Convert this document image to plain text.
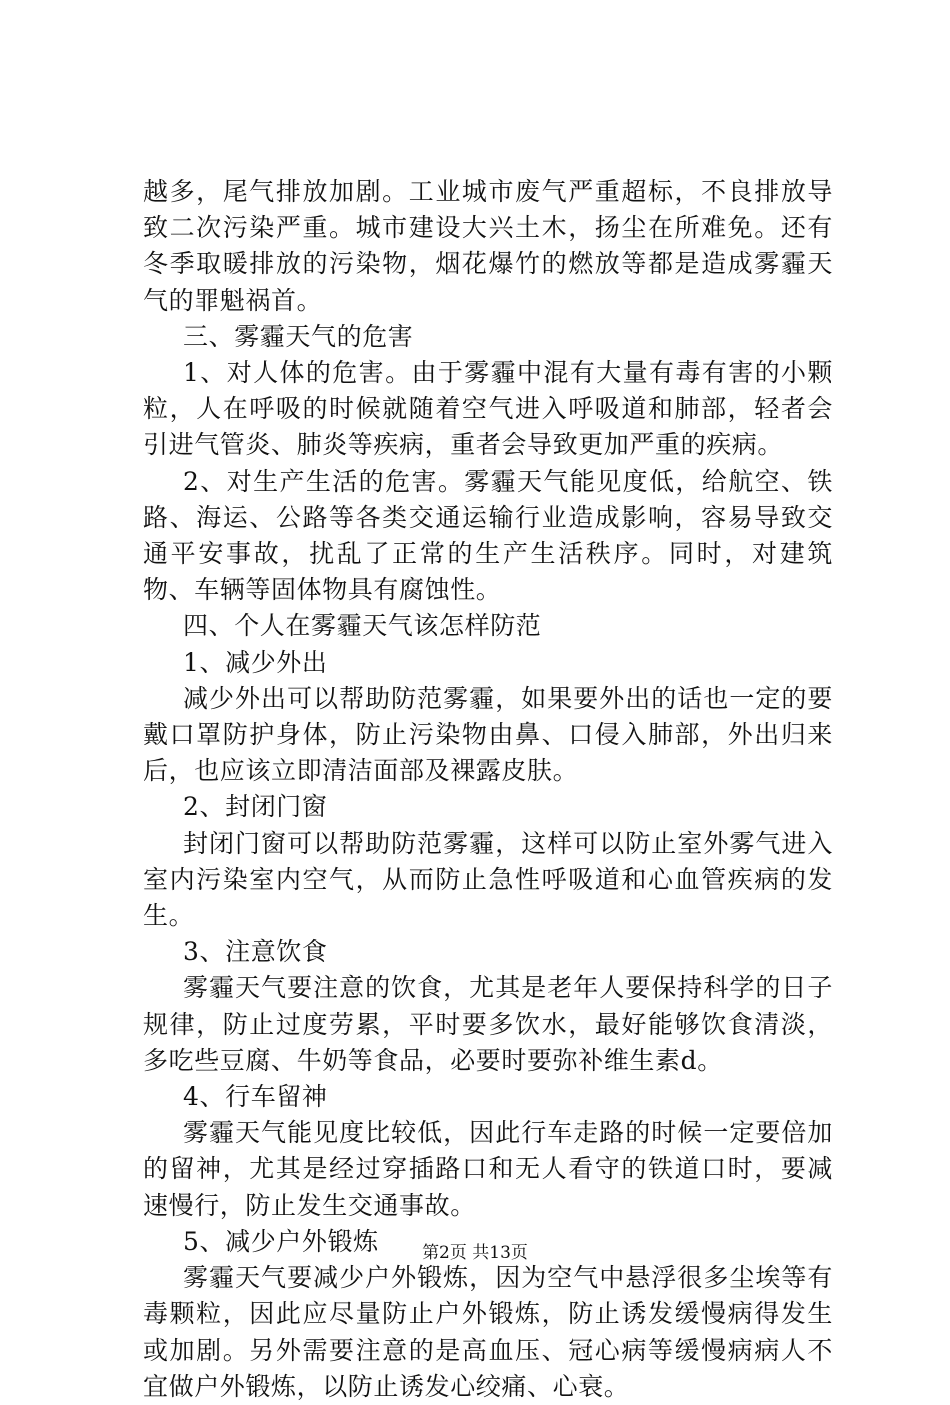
越多，尾气排放加剧。工业城市废气严重超标，不良排放导致二次污染严重。城市建设大兴土木，扬尘在所难免。还有冬季取暖排放的污染物，烟花爆竹的燃放等都是造成雾霾天气的罪魁祸首。

三、雾霾天气的危害

1、对人体的危害。由于雾霾中混有大量有毒有害的小颗粒，人在呼吸的时候就随着空气进入呼吸道和肺部，轻者会引进气管炎、肺炎等疾病，重者会导致更加严重的疾病。

2、对生产生活的危害。雾霾天气能见度低，给航空、铁路、海运、公路等各类交通运输行业造成影响，容易导致交通平安事故，扰乱了正常的生产生活秩序。同时，对建筑物、车辆等固体物具有腐蚀性。

四、个人在雾霾天气该怎样防范

1、减少外出

减少外出可以帮助防范雾霾，如果要外出的话也一定的要戴口罩防护身体，防止污染物由鼻、口侵入肺部，外出归来后，也应该立即清洁面部及裸露皮肤。

2、封闭门窗

封闭门窗可以帮助防范雾霾，这样可以防止室外雾气进入室内污染室内空气，从而防止急性呼吸道和心血管疾病的发生。

3、注意饮食

雾霾天气要注意的饮食，尤其是老年人要保持科学的日子规律，防止过度劳累，平时要多饮水，最好能够饮食清淡，多吃些豆腐、牛奶等食品，必要时要弥补维生素d。

4、行车留神

雾霾天气能见度比较低，因此行车走路的时候一定要倍加的留神，尤其是经过穿插路口和无人看守的铁道口时，要减速慢行，防止发生交通事故。

5、减少户外锻炼

雾霾天气要减少户外锻炼，因为空气中悬浮很多尘埃等有毒颗粒，因此应尽量防止户外锻炼，防止诱发缓慢病得发生或加剧。另外需要注意的是高血压、冠心病等缓慢病病人不宜做户外锻炼，以防止诱发心绞痛、心衰。

第2页 共13页
